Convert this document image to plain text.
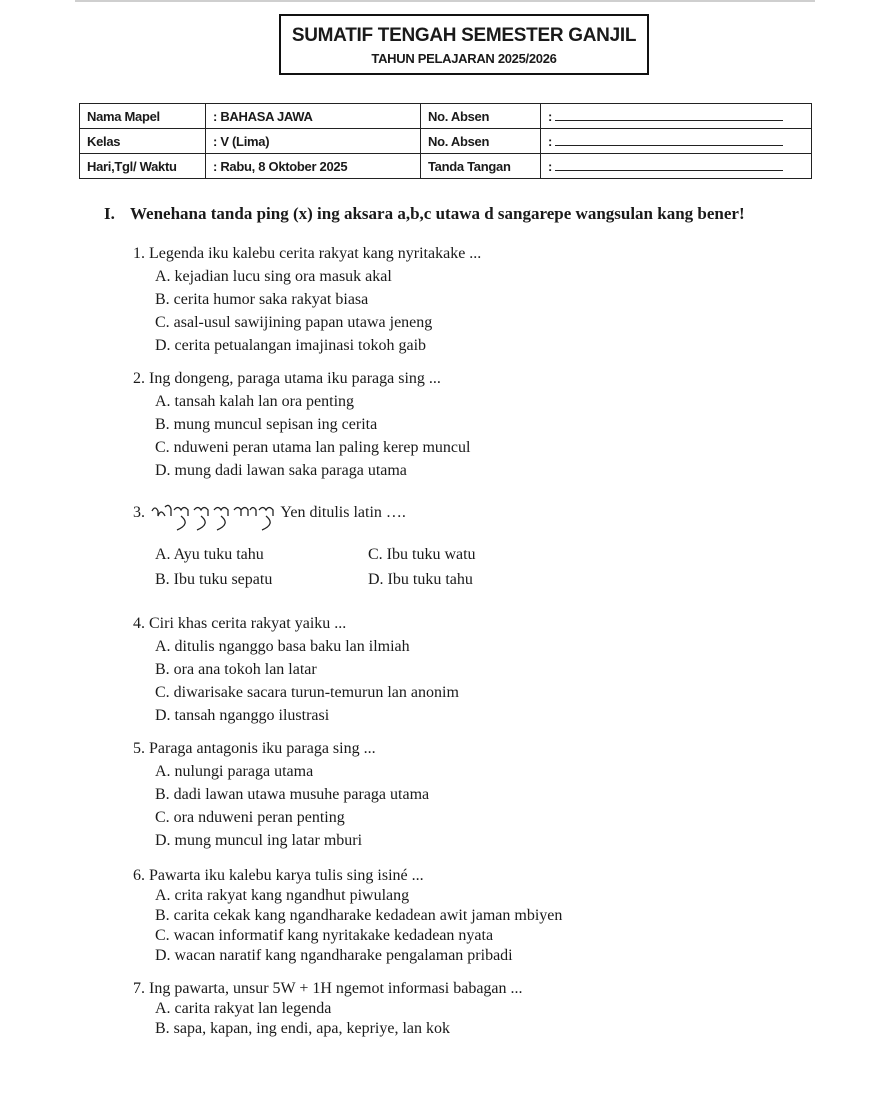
SUMATIF TENGAH SEMESTER GANJIL
TAHUN PELAJARAN 2025/2026
Nama Mapel	: BAHASA JAWA	No. Absen	:
Kelas	: V (Lima)	No. Absen	:
Hari,Tgl/ Waktu	: Rabu, 8 Oktober 2025	Tanda Tangan	:
I. Wenehana tanda ping (x) ing aksara a,b,c utawa d sangarepe wangsulan kang bener!
1. Legenda iku kalebu cerita rakyat kang nyritakake ...
A. kejadian lucu sing ora masuk akal
B. cerita humor saka rakyat biasa
C. asal-usul sawijining papan utawa jeneng
D. cerita petualangan imajinasi tokoh gaib
2. Ing dongeng, paraga utama iku paraga sing ...
A. tansah kalah lan ora penting
B. mung muncul sepisan ing cerita
C. nduweni peran utama lan paling kerep muncul
D. mung dadi lawan saka paraga utama
3.	Yen ditulis latin ….
A. Ayu tuku tahu	C. Ibu tuku watu
B. Ibu tuku sepatu	D. Ibu tuku tahu
4. Ciri khas cerita rakyat yaiku ...
A. ditulis nganggo basa baku lan ilmiah
B. ora ana tokoh lan latar
C. diwarisake sacara turun-temurun lan anonim
D. tansah nganggo ilustrasi
5. Paraga antagonis iku paraga sing ...
A. nulungi paraga utama
B. dadi lawan utawa musuhe paraga utama
C. ora nduweni peran penting
D. mung muncul ing latar mburi
6. Pawarta iku kalebu karya tulis sing isiné ...
A. crita rakyat kang ngandhut piwulang
B. carita cekak kang ngandharake kedadean awit jaman mbiyen
C. wacan informatif kang nyritakake kedadean nyata
D. wacan naratif kang ngandharake pengalaman pribadi
7. Ing pawarta, unsur 5W + 1H ngemot informasi babagan ...
A. carita rakyat lan legenda
B. sapa, kapan, ing endi, apa, kepriye, lan kok
